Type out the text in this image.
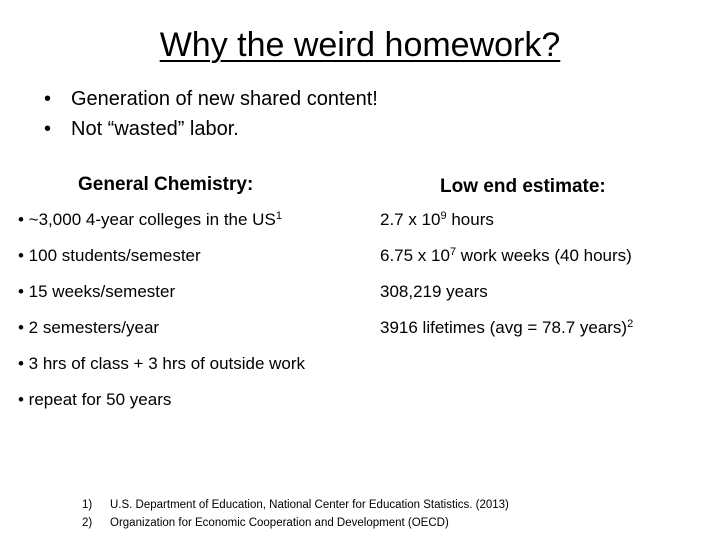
Why the weird homework?
• Generation of new shared content!
• Not “wasted” labor.
General Chemistry:	Low end estimate:
• ~3,000 4-year colleges in the $US^1$
• 100 students/semester
• 15 weeks/semester
• 2 semesters/year
• 3 hrs of class + 3 hrs of outside work
• repeat for 50 years
2.7 x $10^9$ hours
6.75 x $10^7$ work weeks (40 hours)
308,219 years
3916 lifetimes (avg = 78.7 years)$^2$
1)	U.S. Department of Education, National Center for Education Statistics. (2013)
2)	Organization for Economic Cooperation and Development (OECD)
